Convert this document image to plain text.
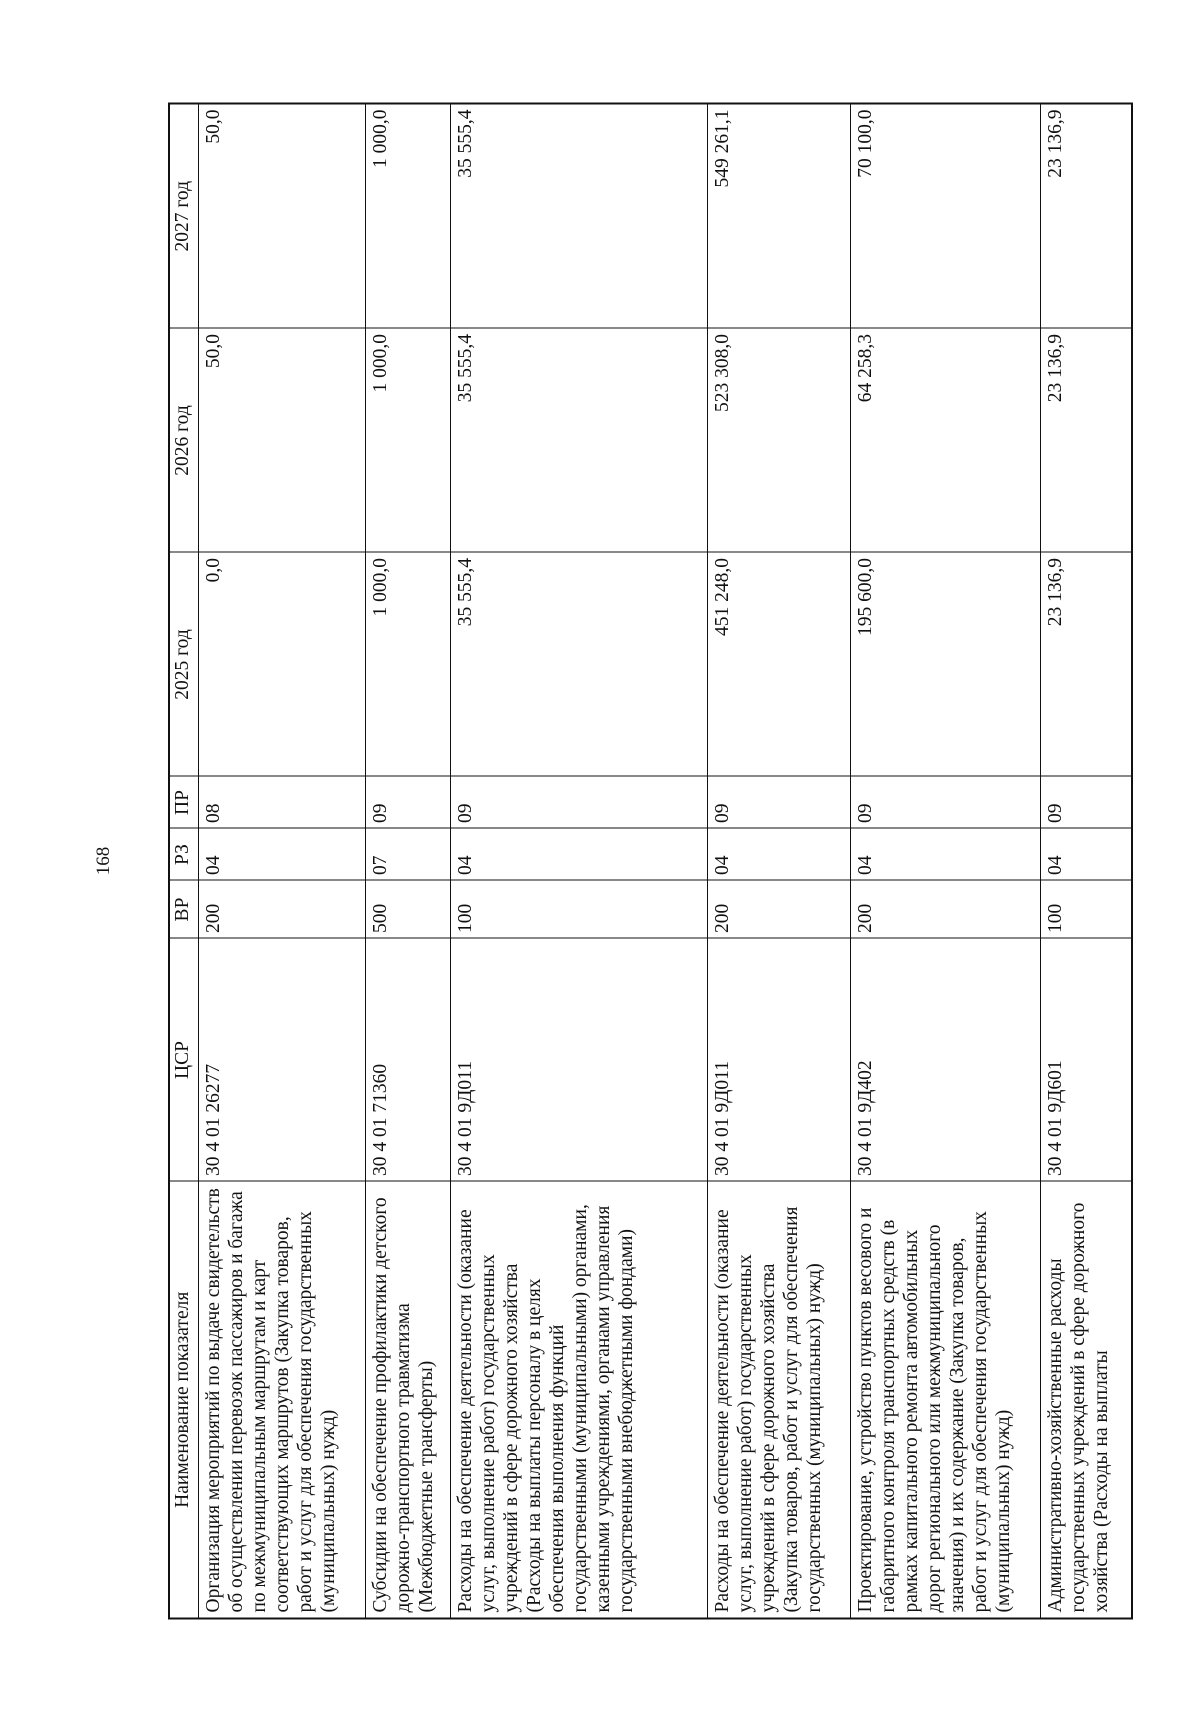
168
Наименование показателя	ЦСР	ВР	РЗ	ПР	2025 год	2026 год	2027 год
Организация мероприятий по выдаче свидетельств об осуществлении перевозок пассажиров и багажа по межмуниципальным маршрутам и карт соответствующих маршрутов (Закупка товаров, работ и услуг для обеспечения государственных (муниципальных) нужд)	30 4 01 26277	200	04	08	0,0	50,0	50,0
Субсидии на обеспечение профилактики детского дорожно-транспортного травматизма (Межбюджетные трансферты)	30 4 01 71360	500	07	09	1 000,0	1 000,0	1 000,0
Расходы на обеспечение деятельности (оказание услуг, выполнение работ) государственных учреждений в сфере дорожного хозяйства (Расходы на выплаты персоналу в целях обеспечения выполнения функций государственными (муниципальными) органами, казенными учреждениями, органами управления государственными внебюджетными фондами)	30 4 01 9Д011	100	04	09	35 555,4	35 555,4	35 555,4
Расходы на обеспечение деятельности (оказание услуг, выполнение работ) государственных учреждений в сфере дорожного хозяйства (Закупка товаров, работ и услуг для обеспечения государственных (муниципальных) нужд)	30 4 01 9Д011	200	04	09	451 248,0	523 308,0	549 261,1
Проектирование, устройство пунктов весового и габаритного контроля транспортных средств (в рамках капитального ремонта автомобильных дорог регионального или межмуниципального значения) и их содержание (Закупка товаров, работ и услуг для обеспечения государственных (муниципальных) нужд)	30 4 01 9Д402	200	04	09	195 600,0	64 258,3	70 100,0
Административно-хозяйственные расходы государственных учреждений в сфере дорожного хозяйства (Расходы на выплаты	30 4 01 9Д601	100	04	09	23 136,9	23 136,9	23 136,9
